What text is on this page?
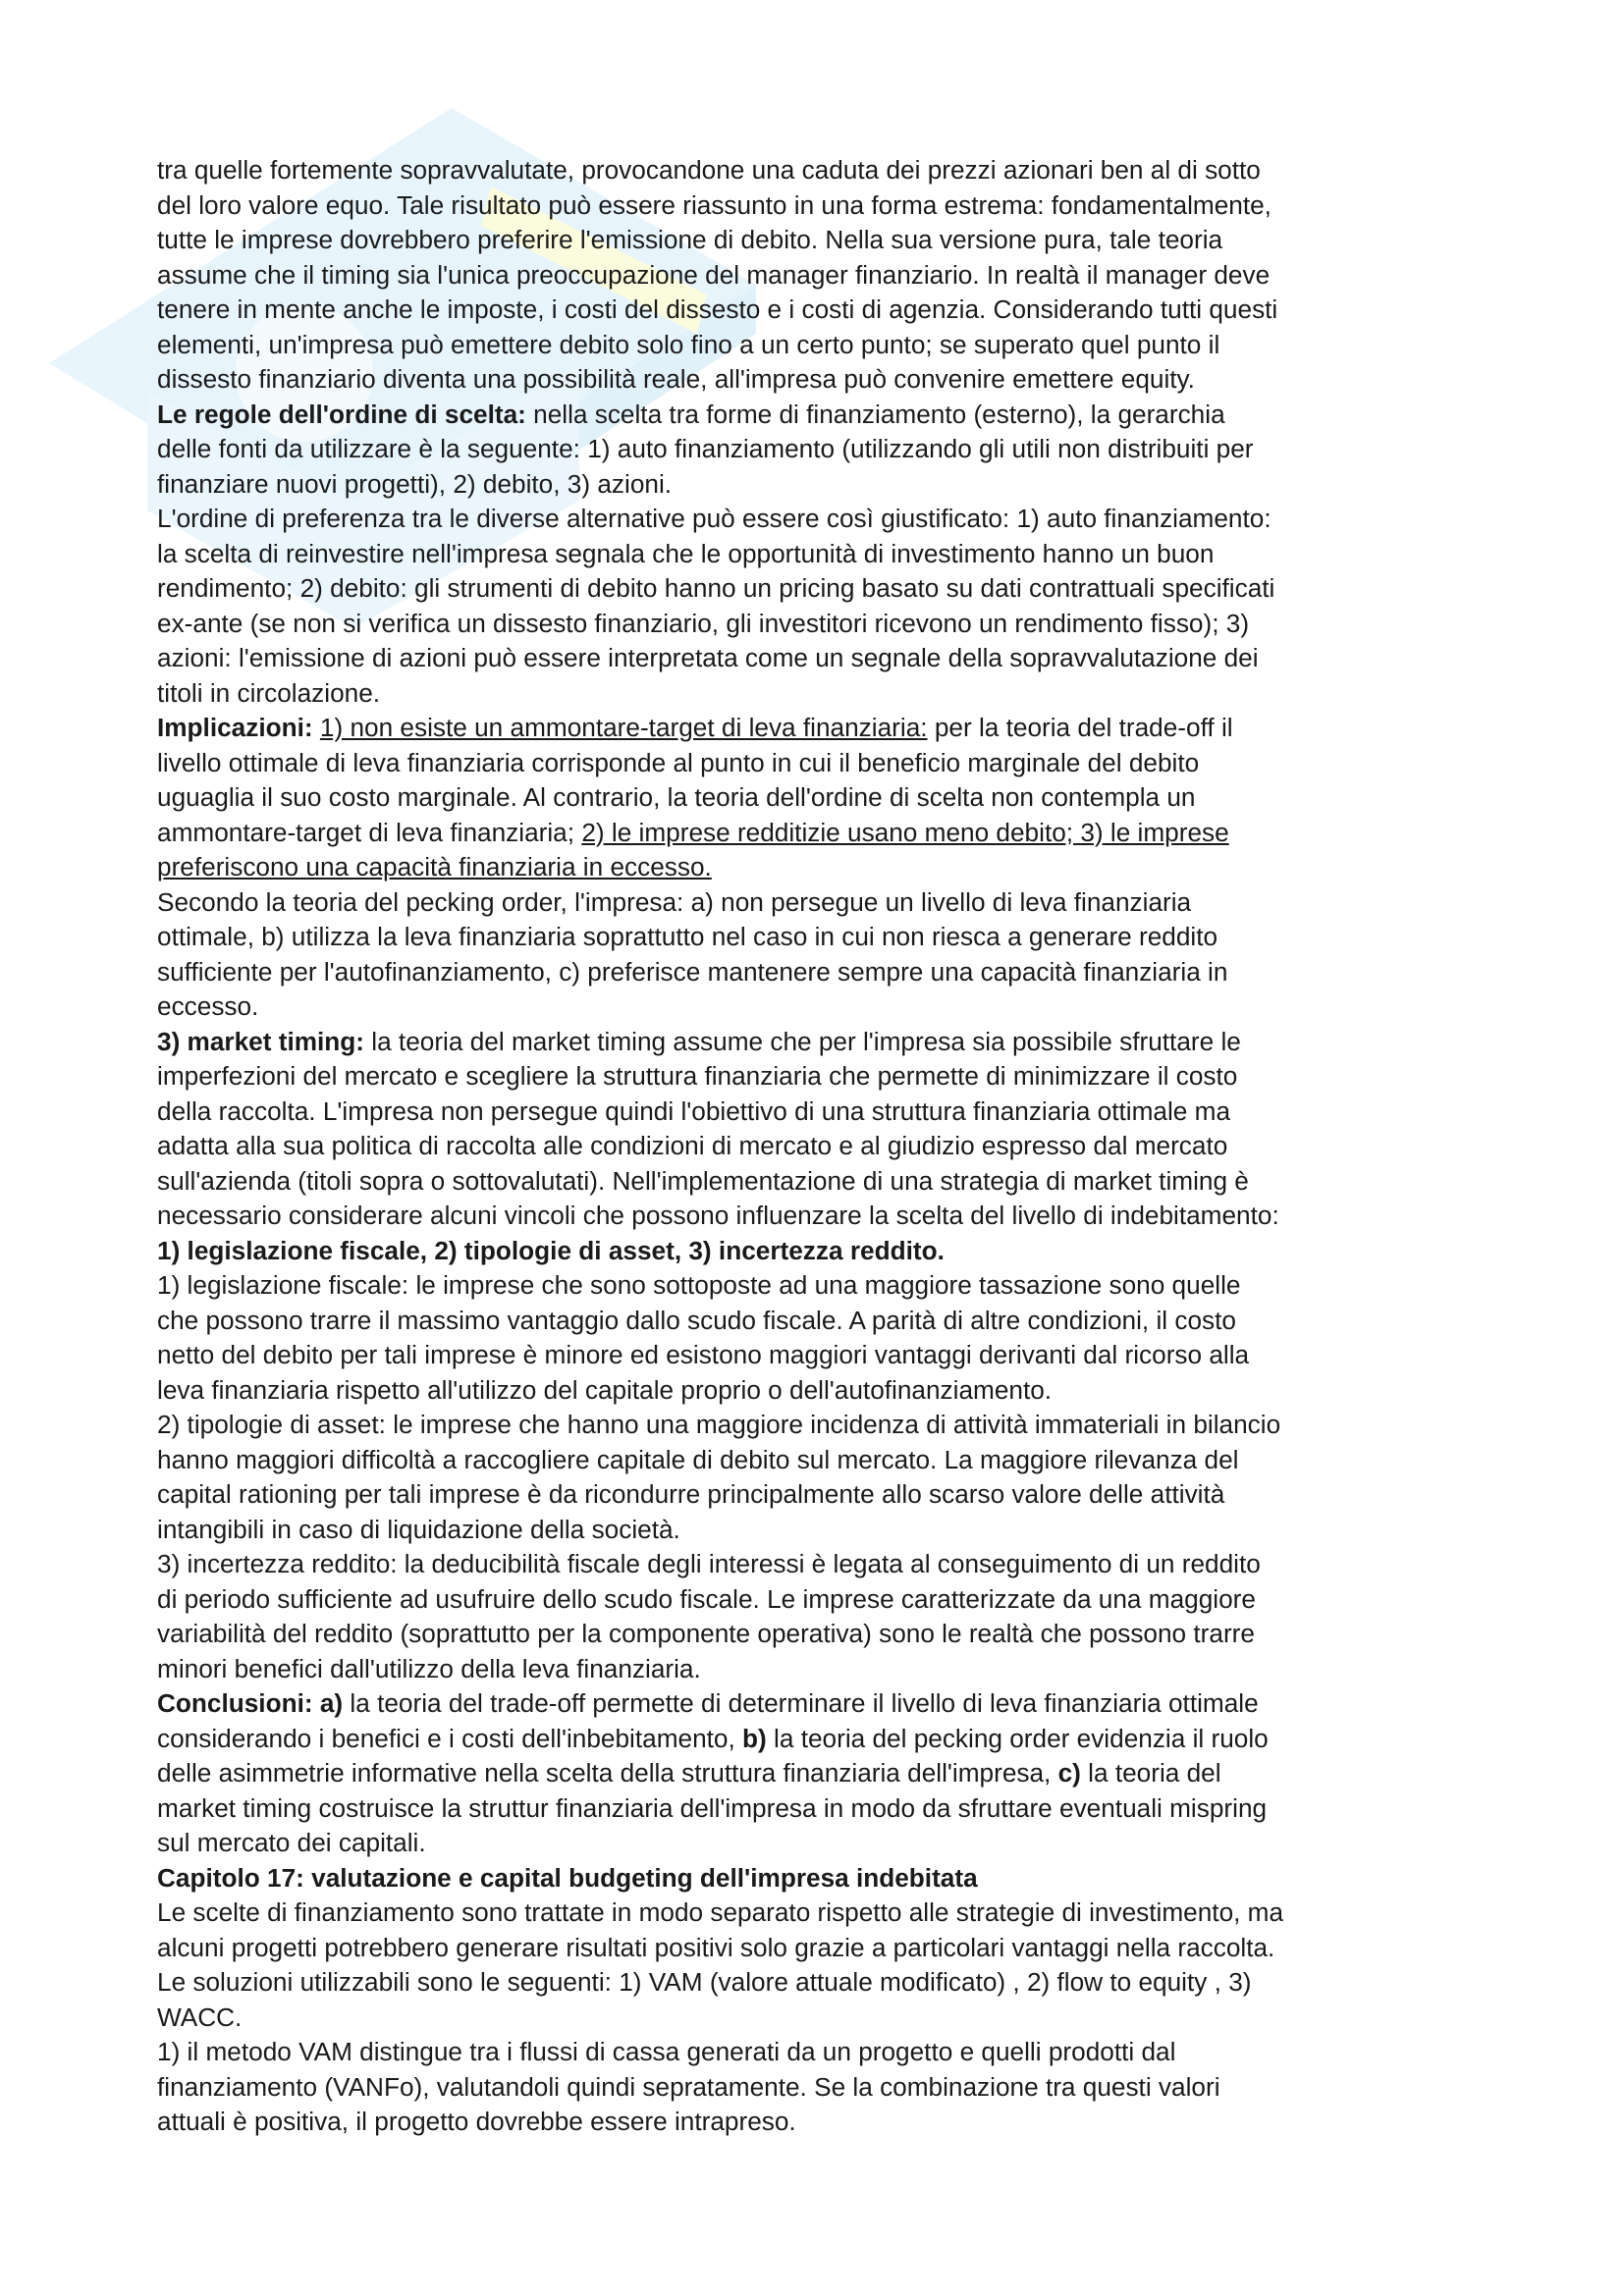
tra quelle fortemente sopravvalutate, provocandone una caduta dei prezzi azionari ben al di sotto
del loro valore equo. Tale risultato può essere riassunto in una forma estrema: fondamentalmente,
tutte le imprese dovrebbero preferire l'emissione di debito. Nella sua versione pura, tale teoria
assume che il timing sia l'unica preoccupazione del manager finanziario. In realtà il manager deve
tenere in mente anche le imposte, i costi del dissesto e i costi di agenzia. Considerando tutti questi
elementi, un'impresa può emettere debito solo fino a un certo punto; se superato quel punto il
dissesto finanziario diventa una possibilità reale, all'impresa può convenire emettere equity.

Le regole dell'ordine di scelta: nella scelta tra forme di finanziamento (esterno), la gerarchia
delle fonti da utilizzare è la seguente: 1) auto finanziamento (utilizzando gli utili non distribuiti per
finanziare nuovi progetti), 2) debito, 3) azioni.

L'ordine di preferenza tra le diverse alternative può essere così giustificato: 1) auto finanziamento:
la scelta di reinvestire nell'impresa segnala che le opportunità di investimento hanno un buon
rendimento; 2) debito: gli strumenti di debito hanno un pricing basato su dati contrattuali specificati
ex-ante (se non si verifica un dissesto finanziario, gli investitori ricevono un rendimento fisso); 3)
azioni: l'emissione di azioni può essere interpretata come un segnale della sopravvalutazione dei
titoli in circolazione.

Implicazioni: 1) non esiste un ammontare-target di leva finanziaria: per la teoria del trade-off il
livello ottimale di leva finanziaria corrisponde al punto in cui il beneficio marginale del debito
uguaglia il suo costo marginale. Al contrario, la teoria dell'ordine di scelta non contempla un
ammontare-target di leva finanziaria; 2) le imprese redditizie usano meno debito; 3) le imprese
preferiscono una capacità finanziaria in eccesso.

Secondo la teoria del pecking order, l'impresa: a) non persegue un livello di leva finanziaria
ottimale, b) utilizza la leva finanziaria soprattutto nel caso in cui non riesca a generare reddito
sufficiente per l'autofinanziamento, c) preferisce mantenere sempre una capacità finanziaria in
eccesso.

3) market timing: la teoria del market timing assume che per l'impresa sia possibile sfruttare le
imperfezioni del mercato e scegliere la struttura finanziaria che permette di minimizzare il costo
della raccolta. L'impresa non persegue quindi l'obiettivo di una struttura finanziaria ottimale ma
adatta alla sua politica di raccolta alle condizioni di mercato e al giudizio espresso dal mercato
sull'azienda (titoli sopra o sottovalutati). Nell'implementazione di una strategia di market timing è
necessario considerare alcuni vincoli che possono influenzare la scelta del livello di indebitamento:
1) legislazione fiscale, 2) tipologie di asset, 3) incertezza reddito.

1) legislazione fiscale: le imprese che sono sottoposte ad una maggiore tassazione sono quelle
che possono trarre il massimo vantaggio dallo scudo fiscale. A parità di altre condizioni, il costo
netto del debito per tali imprese è minore ed esistono maggiori vantaggi derivanti dal ricorso alla
leva finanziaria rispetto all'utilizzo del capitale proprio o dell'autofinanziamento.

2) tipologie di asset: le imprese che hanno una maggiore incidenza di attività immateriali in bilancio
hanno maggiori difficoltà a raccogliere capitale di debito sul mercato. La maggiore rilevanza del
capital rationing per tali imprese è da ricondurre principalmente allo scarso valore delle attività
intangibili in caso di liquidazione della società.

3) incertezza reddito: la deducibilità fiscale degli interessi è legata al conseguimento di un reddito
di periodo sufficiente ad usufruire dello scudo fiscale. Le imprese caratterizzate da una maggiore
variabilità del reddito (soprattutto per la componente operativa) sono le realtà che possono trarre
minori benefici dall'utilizzo della leva finanziaria.

Conclusioni: a) la teoria del trade-off permette di determinare il livello di leva finanziaria ottimale
considerando i benefici e i costi dell'inbebitamento, b) la teoria del pecking order evidenzia il ruolo
delle asimmetrie informative nella scelta della struttura finanziaria dell'impresa, c) la teoria del
market timing costruisce la struttur finanziaria dell'impresa in modo da sfruttare eventuali mispring
sul mercato dei capitali.

Capitolo 17: valutazione e capital budgeting dell'impresa indebitata

Le scelte di finanziamento sono trattate in modo separato rispetto alle strategie di investimento, ma
alcuni progetti potrebbero generare risultati positivi solo grazie a particolari vantaggi nella raccolta.
Le soluzioni utilizzabili sono le seguenti: 1) VAM (valore attuale modificato) , 2) flow to equity , 3)
WACC.

1) il metodo VAM distingue tra i flussi di cassa generati da un progetto e quelli prodotti dal
finanziamento (VANFo), valutandoli quindi sepratamente. Se la combinazione tra questi valori
attuali è positiva, il progetto dovrebbe essere intrapreso.
